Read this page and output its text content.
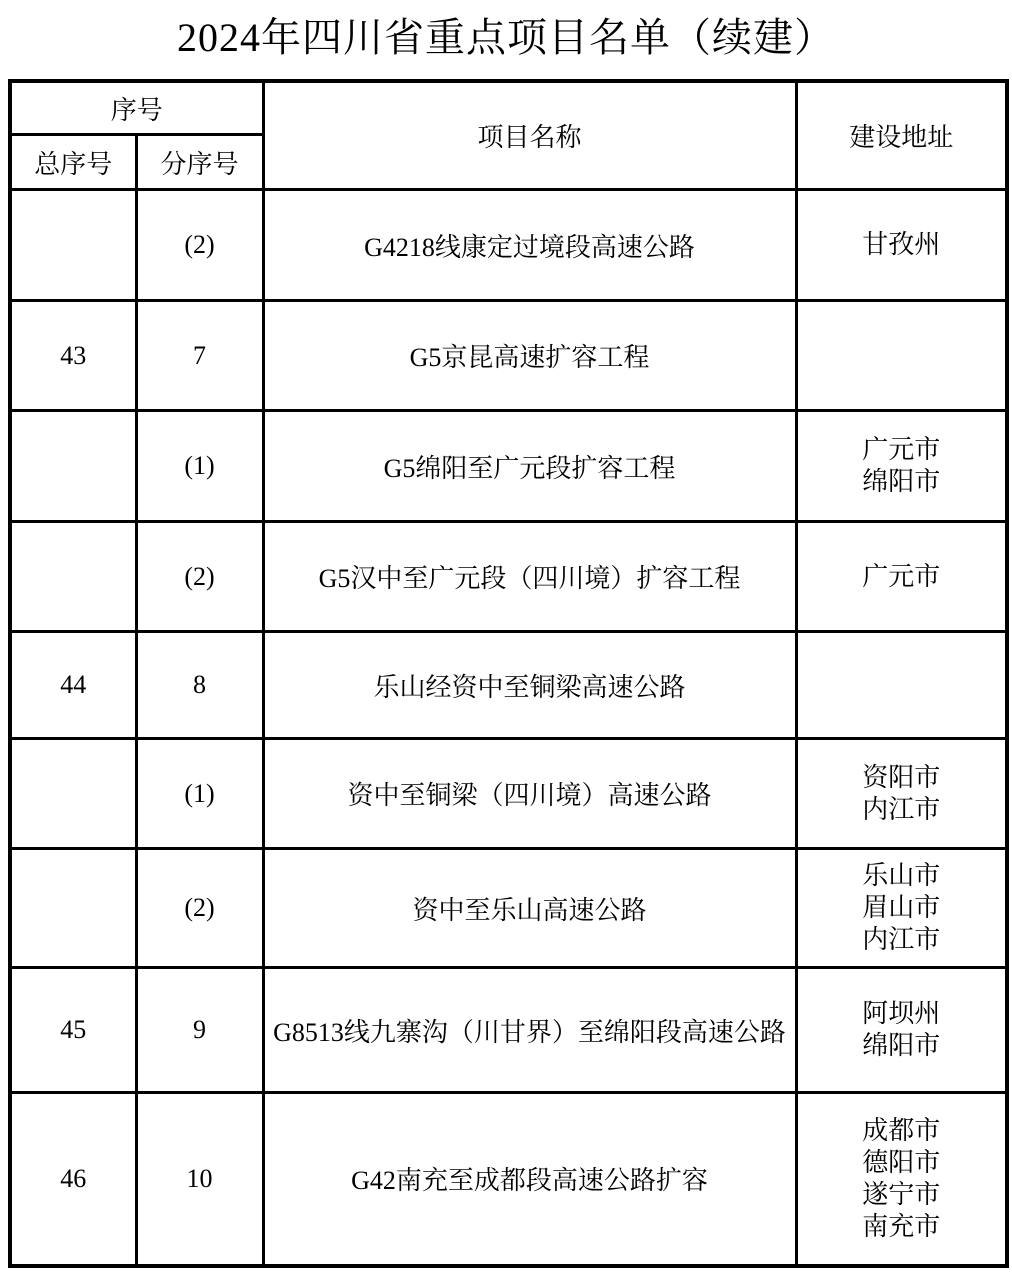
2024年四川省重点项目名单（续建）
序号		项目名称	建设地址
总序号	分序号		
	(2)	G4218线康定过境段高速公路	甘孜州

43	7	G5京昆高速扩容工程	
	(1)	G5绵阳至广元段扩容工程	广元市
绵阳市

	(2)	G5汉中至广元段（四川境）扩容工程	广元市

44	8	乐山经资中至铜梁高速公路	
	(1)	资中至铜梁（四川境）高速公路	资阳市
内江市

	(2)	资中至乐山高速公路	乐山市
眉山市
内江市

45	9	G8513线九寨沟（川甘界）至绵阳段高速公路	阿坝州
绵阳市

46	10	G42南充至成都段高速公路扩容	成都市
德阳市
遂宁市
南充市
